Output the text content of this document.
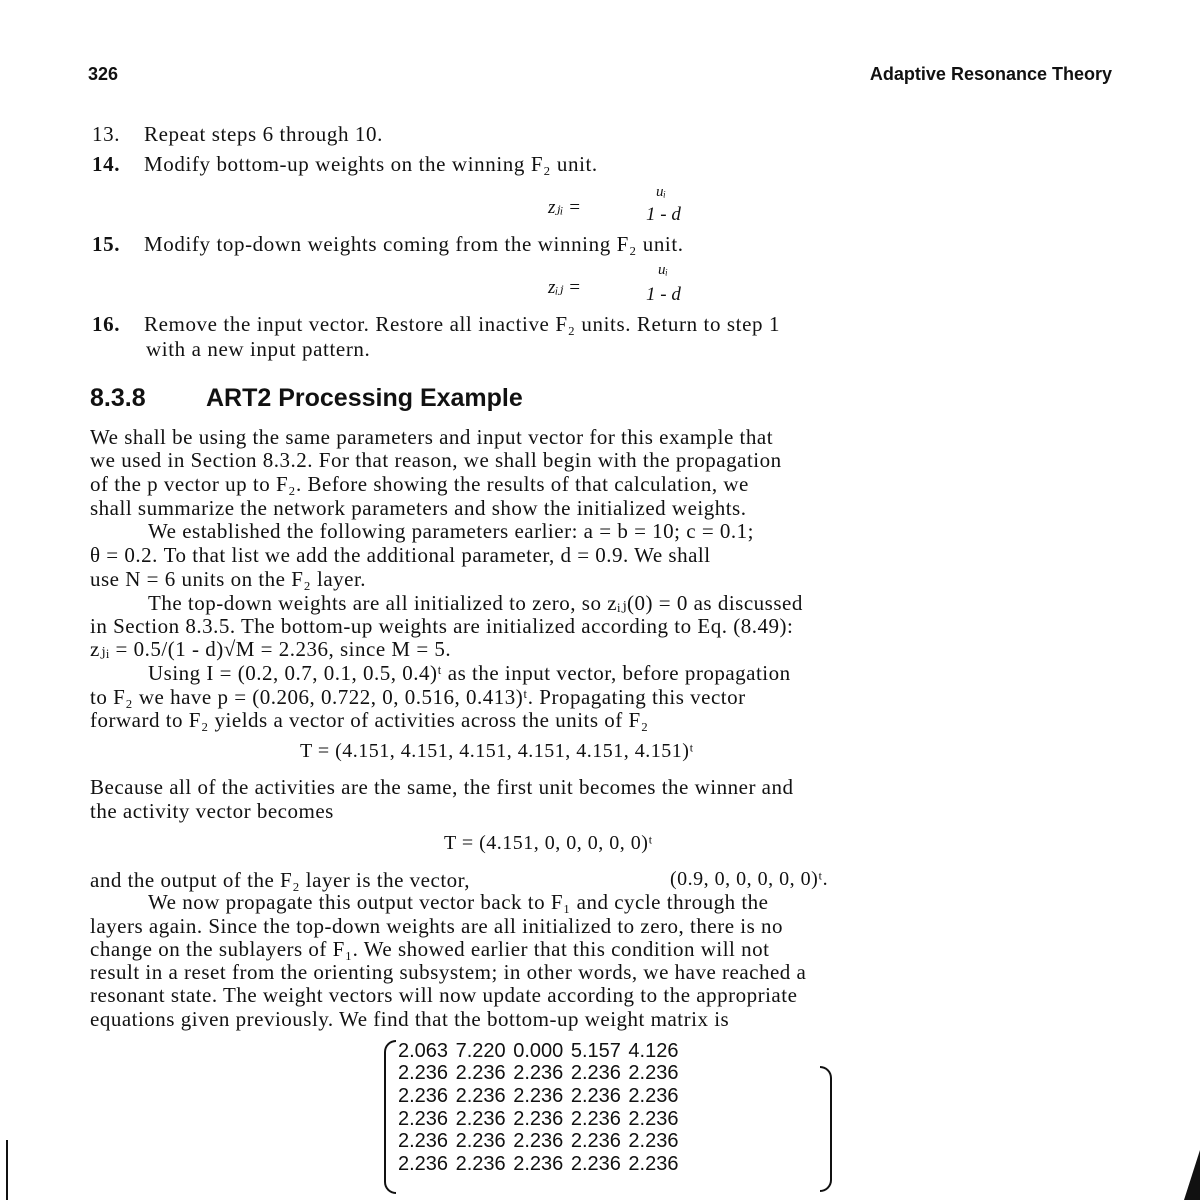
326	Adaptive Resonance Theory
13. Repeat steps 6 through 10.
14. Modify bottom-up weights on the winning F₂ unit.
uᵢ
zⱼᵢ =	1 - d
15. Modify top-down weights coming from the winning F₂ unit.
uᵢ
zᵢⱼ =	1 - d
16. Remove the input vector. Restore all inactive F₂ units. Return to step 1
with a new input pattern.
8.3.8 ART2 Processing Example
We shall be using the same parameters and input vector for this example that
we used in Section 8.3.2. For that reason, we shall begin with the propagation
of the p vector up to F₂. Before showing the results of that calculation, we
shall summarize the network parameters and show the initialized weights.
We established the following parameters earlier: a = b = 10; c = 0.1;
θ = 0.2. To that list we add the additional parameter, d = 0.9. We shall
use N = 6 units on the F₂ layer.
The top-down weights are all initialized to zero, so zᵢⱼ(0) = 0 as discussed
in Section 8.3.5. The bottom-up weights are initialized according to Eq. (8.49):
zⱼᵢ = 0.5/(1 - d)√M = 2.236, since M = 5.
Using I = (0.2, 0.7, 0.1, 0.5, 0.4)ᵗ as the input vector, before propagation
to F₂ we have p = (0.206, 0.722, 0, 0.516, 0.413)ᵗ. Propagating this vector
forward to F₂ yields a vector of activities across the units of F₂
T = (4.151, 4.151, 4.151, 4.151, 4.151, 4.151)ᵗ
Because all of the activities are the same, the first unit becomes the winner and
the activity vector becomes
T = (4.151, 0, 0, 0, 0, 0)ᵗ
and the output of the F₂ layer is the vector,	(0.9, 0, 0, 0, 0, 0)ᵗ.
We now propagate this output vector back to F₁ and cycle through the
layers again. Since the top-down weights are all initialized to zero, there is no
change on the sublayers of F₁. We showed earlier that this condition will not
result in a reset from the orienting subsystem; in other words, we have reached a
resonant state. The weight vectors will now update according to the appropriate
equations given previously. We find that the bottom-up weight matrix is
2.063 7.220 0.000 5.157 4.126
2.236 2.236 2.236 2.236 2.236
2.236 2.236 2.236 2.236 2.236
2.236 2.236 2.236 2.236 2.236
2.236 2.236 2.236 2.236 2.236
2.236 2.236 2.236 2.236 2.236
